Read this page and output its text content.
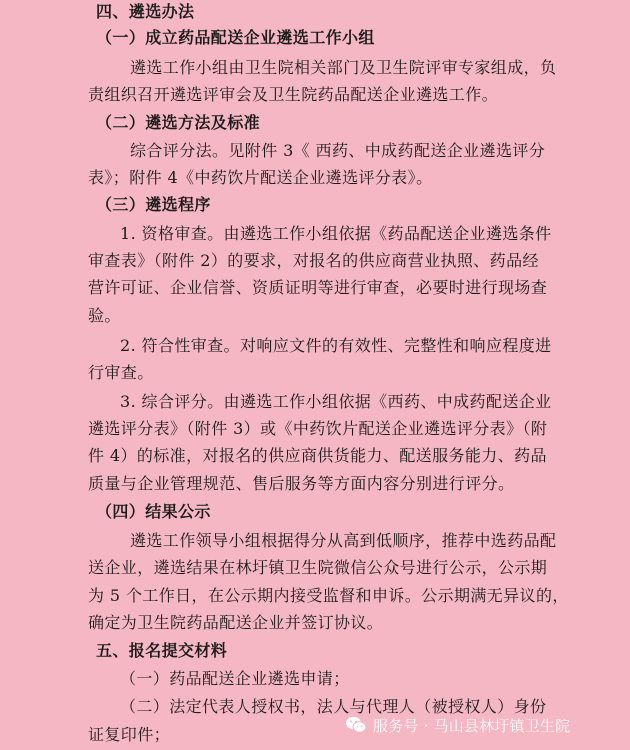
四、遴选办法
（一）成立药品配送企业遴选工作小组
遴选工作小组由卫生院相关部门及卫生院评审专家组成，负
责组织召开遴选评审会及卫生院药品配送企业遴选工作。
（二）遴选方法及标准
综合评分法。见附件 3《 西药、中成药配送企业遴选评分
表》；附件 4《中药饮片配送企业遴选评分表》。
（三）遴选程序
1. 资格审查。由遴选工作小组依据《药品配送企业遴选条件
审查表》（附件 2）的要求，对报名的供应商营业执照、药品经
营许可证、企业信誉、资质证明等进行审查，必要时进行现场查
验。
2. 符合性审查。对响应文件的有效性、完整性和响应程度进
行审查。
3. 综合评分。由遴选工作小组依据《西药、中成药配送企业
遴选评分表》（附件 3）或《中药饮片配送企业遴选评分表》（附
件 4）的标准，对报名的供应商供货能力、配送服务能力、药品
质量与企业管理规范、售后服务等方面内容分别进行评分。
（四）结果公示
遴选工作领导小组根据得分从高到低顺序，推荐中选药品配
送企业，遴选结果在林圩镇卫生院微信公众号进行公示，公示期
为 5 个工作日，在公示期内接受监督和申诉。公示期满无异议的，
确定为卫生院药品配送企业并签订协议。
五、报名提交材料
（一）药品配送企业遴选申请；
（二）法定代表人授权书，法人与代理人（被授权人）身份
证复印件；	服务号 · 马山县林圩镇卫生院
